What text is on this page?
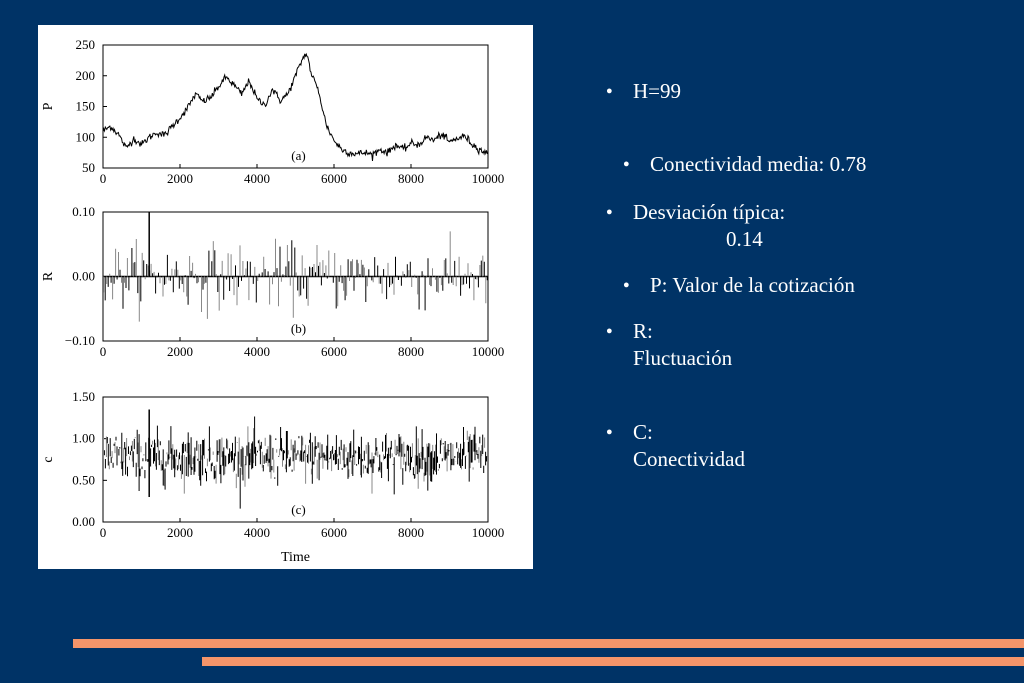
0	2000	4000	6000	8000	10000
50
100
150
200
250
P
(a)
0	2000	4000	6000	8000	10000
0.10
0.00
−0.10
R
(b)
0	2000	4000	6000	8000	10000
0.00
0.50
1.00
1.50
c
(c)
Time
● H=99
● Conectividad media: 0.78
● Desviación típica:
0.14
● P: Valor de la cotización
● R:
Fluctuación
● C:
Conectividad
